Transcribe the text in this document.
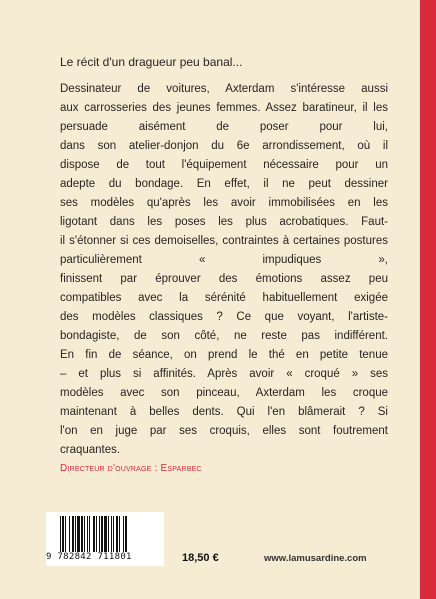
Le récit d'un dragueur peu banal...
Dessinateur de voitures, Axterdam s'intéresse aussi
aux carrosseries des jeunes femmes. Assez baratineur, il les persuade aisément de poser pour lui,
dans son atelier-donjon du 6e arrondissement, où il
dispose de tout l'équipement nécessaire pour un
adepte du bondage. En effet, il ne peut dessiner
ses modèles qu'après les avoir immobilisées en les
ligotant dans les poses les plus acrobatiques. Faut-
il s'étonner si ces demoiselles, contraintes à certaines postures particulièrement « impudiques »,
finissent par éprouver des émotions assez peu
compatibles avec la sérénité habituellement exigée
des modèles classiques ? Ce que voyant, l'artiste-
bondagiste, de son côté, ne reste pas indifférent.
En fin de séance, on prend le thé en petite tenue
– et plus si affinités. Après avoir « croqué » ses
modèles avec son pinceau, Axterdam les croque
maintenant à belles dents. Qui l'en blâmerait ? Si
l'on en juge par ses croquis, elles sont foutrement
craquantes.
Directeur d'ouvrage : Esparbec
9 782842 711801	18,50 €	www.lamusardine.com
